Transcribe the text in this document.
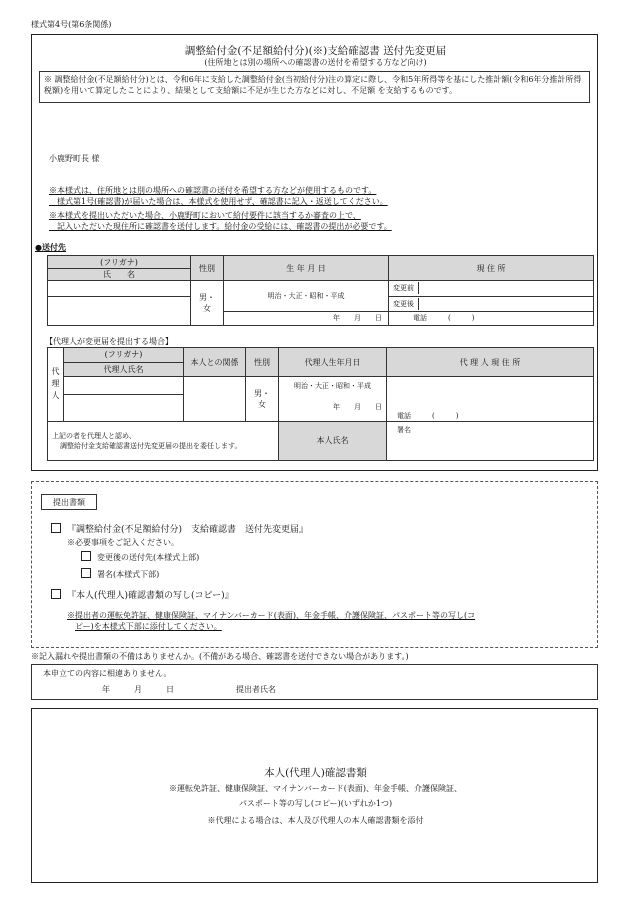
様式第4号(第6条関係)
調整給付金(不足額給付分)(※)支給確認書 送付先変更届
(住所地とは別の場所への確認書の送付を希望する方など向け)
※ 調整給付金(不足額給付分)とは、令和6年に支給した調整給付金(当初給付分)注の算定に際し、令和5年所得等を基にした推計額(令和6年分推計所得税額)を用いて算定したことにより、結果として支給額に不足が生じた方などに対し、不足額 を支給するものです。
小鹿野町長 様
※本様式は、住所地とは別の場所への確認書の送付を希望する方などが使用するものです。
　様式第1号(確認書)が届いた場合は、本様式を使用せず、確認書に記入・返送してください。
※本様式を提出いただいた場合、小鹿野町において給付要件に該当するか審査の上で、
　記入いただいた現住所に確認書を送付します。給付金の受給には、確認書の提出が必要です。
●送付先
(フリガナ)	性別	生 年 月 日	現 住 所
氏　　名			
	男・女	明治・大正・昭和・平成	変更前
			変更後
		年　　月　　日	電話　　　(　　　)
【代理人が変更届を提出する場合】
代理人	(フリガナ)	本人との関係	性別	代理人生年月日	代 理 人 現 住 所
	代理人氏名				
			男・女	明治・大正・昭和・平成	電話　　　(　　　)
				年　　月　　日	

上記の者を代理人と認め、
調整給付金支給確認書送付先変更届の提出を委任します。				本人氏名	署名
提出書類
『調整給付金(不足額給付分)　支給確認書　送付先変更届』
※必要事項をご記入ください。
変更後の送付先(本様式上部)
署名(本様式下部)
『本人(代理人)確認書類の写し(コピー)』
※提出者の運転免許証、健康保険証、マイナンバーカード(表面)、年金手帳、介護保険証、パスポート等の写し(コ
ピー)を本様式下部に添付してください。
※記入漏れや提出書類の不備はありませんか。(不備がある場合、確認書を送付できない場合があります。)
本申立ての内容に相違ありません。
年　　　月　　　日	提出者氏名
本人(代理人)確認書類
※運転免許証、健康保険証、マイナンバーカード(表面)、年金手帳、介護保険証、
パスポート等の写し(コピー)(いずれか1つ)
※代理による場合は、本人及び代理人の本人確認書類を添付
